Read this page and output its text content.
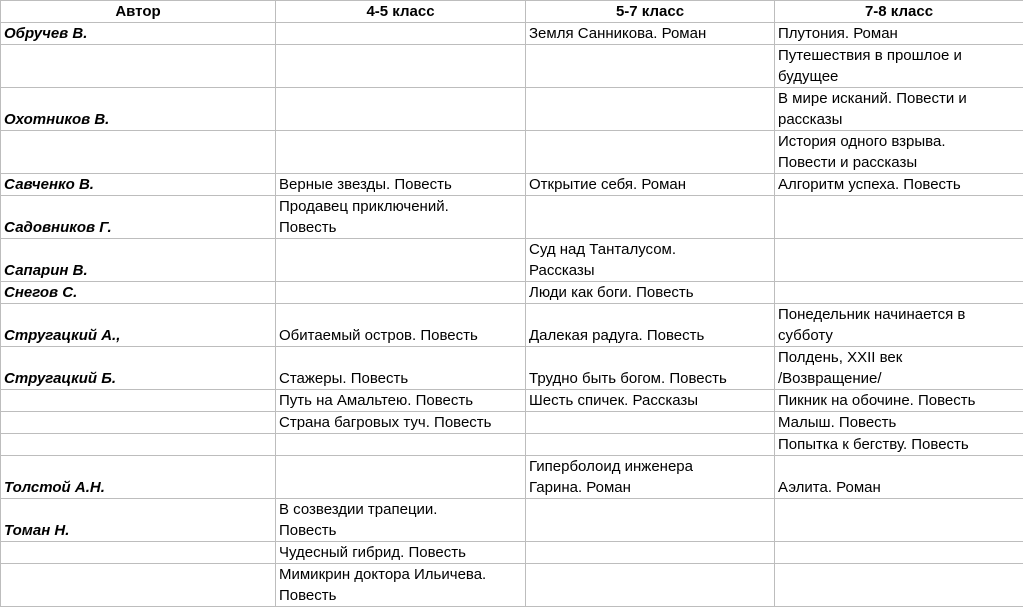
Автор	4-5 класс	5-7 класс	7-8 класс

Обручев В.		Земля Санникова. Роман	Плутония. Роман

			Путешествия в прошлое и
будущее

Охотников В.			В мире исканий. Повести и
рассказы

			История одного взрыва.
Повести и рассказы

Савченко В.	Верные звезды. Повесть	Открытие себя. Роман	Алгоритм успеха. Повесть

Садовников Г.	Продавец приключений.
Повесть		

Сапарин В.		Суд над Танталусом.
Рассказы	

Снегов С.		Люди как боги. Повесть	

Стругацкий А.,	Обитаемый остров. Повесть	Далекая радуга. Повесть	Понедельник начинается в
субботу

Стругацкий Б.	Стажеры. Повесть	Трудно быть богом. Повесть	Полдень, XXII век
/Возвращение/

	Путь на Амальтею. Повесть	Шесть спичек. Рассказы	Пикник на обочине. Повесть

	Страна багровых туч. Повесть		Малыш. Повесть

			Попытка к бегству. Повесть

Толстой А.Н.		Гиперболоид инженера
Гарина. Роман	Аэлита. Роман

Томан Н.	В созвездии трапеции.
Повесть		

	Чудесный гибрид. Повесть		

	Мимикрин доктора Ильичева.
Повесть		
